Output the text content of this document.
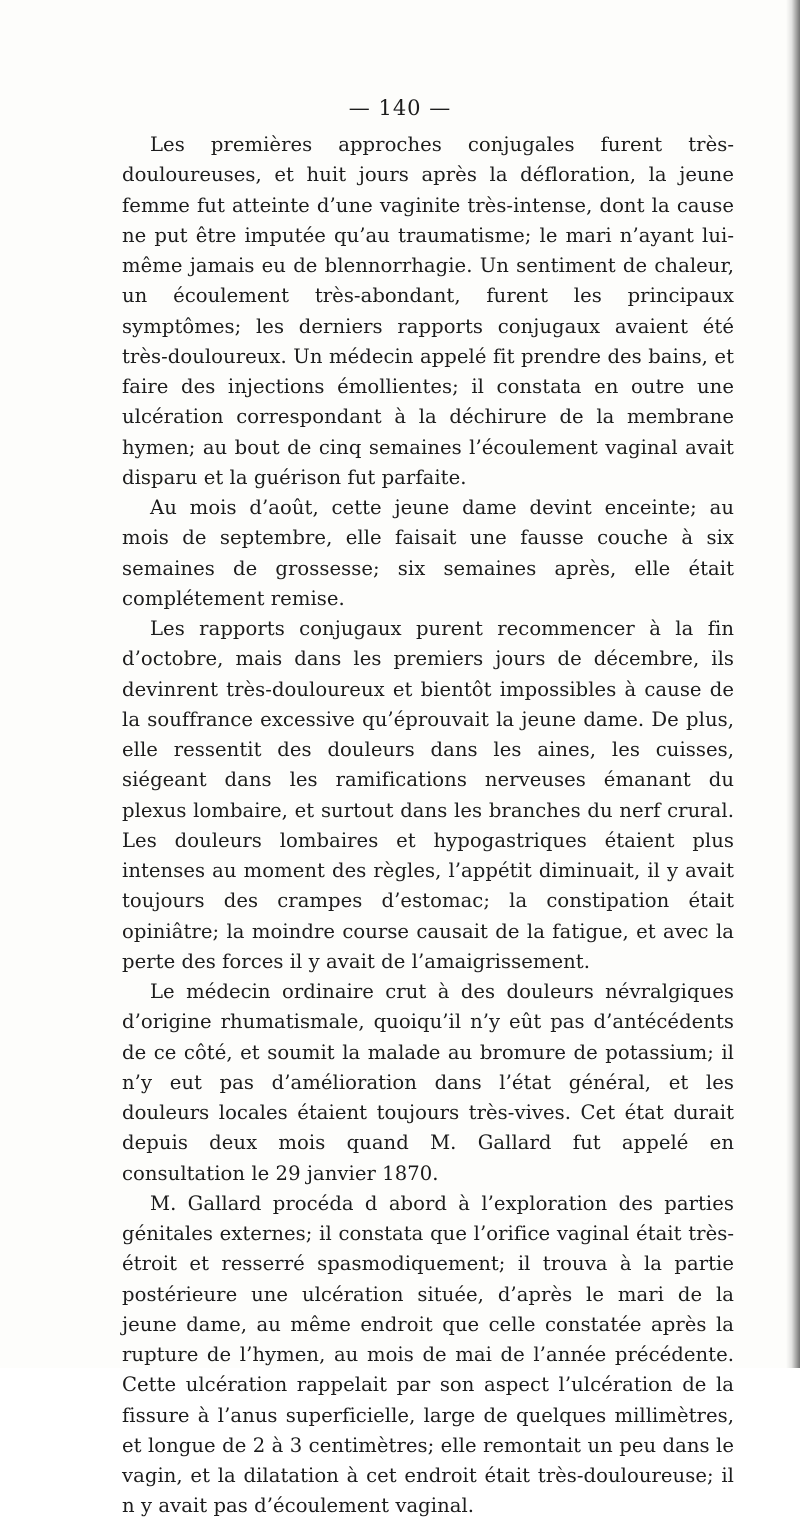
— 140 —

Les premières approches conjugales furent très-douloureuses, et huit jours après la défloration, la jeune femme fut atteinte d’une vaginite très-intense, dont la cause ne put être imputée qu’au traumatisme; le mari n’ayant lui-même jamais eu de blennorrhagie. Un sentiment de chaleur, un écoulement très-abondant, furent les principaux symptômes; les derniers rapports conjugaux avaient été très-douloureux. Un médecin appelé fit prendre des bains, et faire des injections émollientes; il constata en outre une ulcération correspondant à la déchirure de la membrane hymen; au bout de cinq semaines l’écoulement vaginal avait disparu et la guérison fut parfaite.

Au mois d’août, cette jeune dame devint enceinte; au mois de septembre, elle faisait une fausse couche à six semaines de grossesse; six semaines après, elle était complétement remise.

Les rapports conjugaux purent recommencer à la fin d’octobre, mais dans les premiers jours de décembre, ils devinrent très-douloureux et bientôt impossibles à cause de la souffrance excessive qu’éprouvait la jeune dame. De plus, elle ressentit des douleurs dans les aines, les cuisses, siégeant dans les ramifications nerveuses émanant du plexus lombaire, et surtout dans les branches du nerf crural. Les douleurs lombaires et hypogastriques étaient plus intenses au moment des règles, l’appétit diminuait, il y avait toujours des crampes d’estomac; la constipation était opiniâtre; la moindre course causait de la fatigue, et avec la perte des forces il y avait de l’amaigrissement.

Le médecin ordinaire crut à des douleurs névralgiques d’origine rhumatismale, quoiqu’il n’y eût pas d’antécédents de ce côté, et soumit la malade au bromure de potassium; il n’y eut pas d’amélioration dans l’état général, et les douleurs locales étaient toujours très-vives. Cet état durait depuis deux mois quand M. Gallard fut appelé en consultation le 29 janvier 1870.

M. Gallard procéda d abord à l’exploration des parties génitales externes; il constata que l’orifice vaginal était très-étroit et resserré spasmodiquement; il trouva à la partie postérieure une ulcération située, d’après le mari de la jeune dame, au même endroit que celle constatée après la rupture de l’hymen, au mois de mai de l’année précédente. Cette ulcération rappelait par son aspect l’ulcération de la fissure à l’anus superficielle, large de quelques millimètres, et longue de 2 à 3 centimètres; elle remontait un peu dans le vagin, et la dilatation à cet endroit était très-douloureuse; il n y avait pas d’écoulement vaginal.
